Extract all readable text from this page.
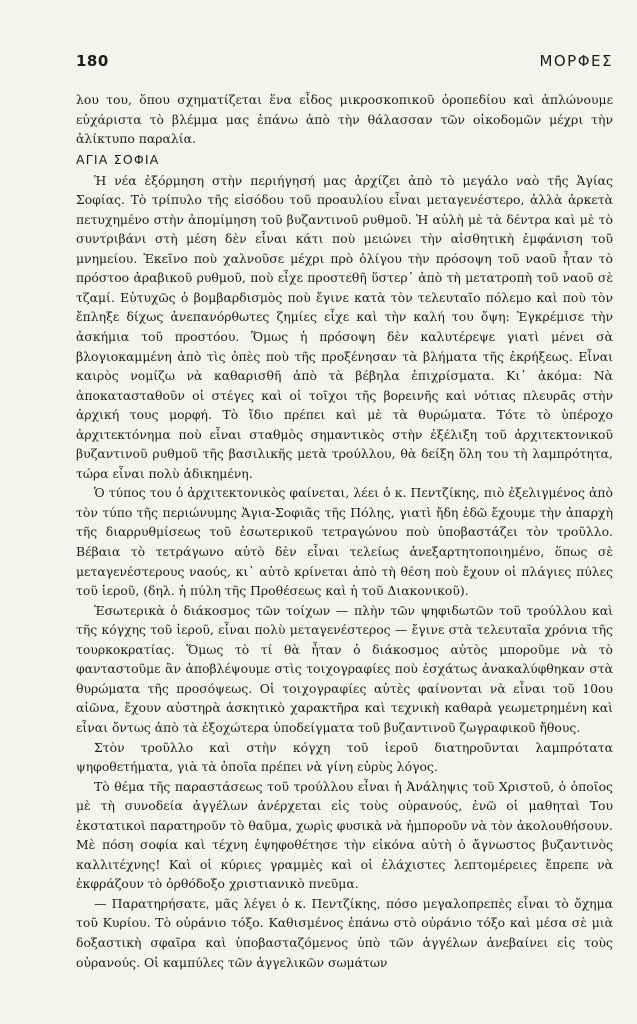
180	ΜΟΡΦΕΣ

λου του, ὅπου σχηματίζεται ἕνα εἶδος μικροσκοπικοῦ ὀροπεδίου καὶ ἁπλώνουμε εὐχάριστα τὸ βλέμμα μας ἐπάνω ἀπὸ τὴν θάλασσαν τῶν οἰκοδομῶν μέχρι τὴν ἀλίκτυπο παραλία.

ΑΓΙΑ ΣΟΦΙΑ

Ἡ νέα ἐξόρμηση στὴν περιήγησή μας ἀρχίζει ἀπὸ τὸ μεγάλο ναὸ τῆς Ἁγίας Σοφίας. Τὸ τρίπυλο τῆς εἰσόδου τοῦ προαυλίου εἶναι μεταγενέστερο, ἀλλὰ ἀρκετὰ πετυχημένο στὴν ἀπομίμηση τοῦ βυζαντινοῦ ρυθμοῦ. Ἡ αὐλὴ μὲ τὰ δέντρα καὶ μὲ τὸ συντριβάνι στὴ μέση δὲν εἶναι κάτι ποὺ μειώνει τὴν αἰσθητικὴ ἐμφάνιση τοῦ μνημείου. Ἐκεῖνο ποὺ χαλνοῦσε μέχρι πρὸ ὀλίγου τὴν πρόσοψη τοῦ ναοῦ ἦταν τὸ πρόστοο ἀραβικοῦ ρυθμοῦ, ποὺ εἶχε προστεθῆ ὕστερ᾽ ἀπὸ τὴ μετατροπὴ τοῦ ναοῦ σὲ τζαμί. Εὐτυχῶς ὁ βομβαρδισμὸς ποὺ ἔγινε κατὰ τὸν τελευταῖο πόλεμο καὶ ποὺ τὸν ἔπληξε δίχως ἀνεπανόρθωτες ζημίες εἶχε καὶ τὴν καλή του ὄψη: Ἐγκρέμισε τὴν ἀσκήμια τοῦ προστόου. Ὅμως ἡ πρόσοψη δὲν καλυτέρεψε γιατὶ μένει σὰ βλογιοκαμμένη ἀπὸ τὶς ὀπὲς ποὺ τῆς προξένησαν τὰ βλήματα τῆς ἐκρήξεως. Εἶναι καιρὸς νομίζω νὰ καθαρισθῆ ἀπὸ τὰ βέβηλα ἐπιχρίσματα. Κι᾽ ἀκόμα: Νὰ ἀποκατασταθοῦν οἱ στέγες καὶ οἱ τοῖχοι τῆς βορεινῆς καὶ νότιας πλευρᾶς στὴν ἀρχική τους μορφή. Τὸ ἴδιο πρέπει καὶ μὲ τὰ θυρώματα. Τότε τὸ ὑπέροχο ἀρχιτεκτόνημα ποὺ εἶναι σταθμὸς σημαντικὸς στὴν ἐξέλιξη τοῦ ἀρχιτεκτονικοῦ βυζαντινοῦ ρυθμοῦ τῆς βασιλικῆς μετὰ τρούλλου, θὰ δείξη ὅλη του τὴ λαμπρότητα, τώρα εἶναι πολὺ ἀδικημένη.

Ὁ τύπος του ὁ ἀρχιτεκτονικὸς φαίνεται, λέει ὁ κ. Πεντζίκης, πιὸ ἐξελιγμένος ἀπὸ τὸν τύπο τῆς περιώνυμης Ἁγια-Σοφιᾶς τῆς Πόλης, γιατὶ ἤδη ἐδῶ ἔχουμε τὴν ἀπαρχὴ τῆς διαρρυθμίσεως τοῦ ἐσωτερικοῦ τετραγώνου ποὺ ὑποβαστάζει τὸν τροῦλλο. Βέβαια τὸ τετράγωνο αὐτὸ δὲν εἶναι τελείως ἀνεξαρτητοποιημένο, ὅπως σὲ μεταγενέστερους ναούς, κι᾽ αὐτὸ κρίνεται ἀπὸ τὴ θέση ποὺ ἔχουν οἱ πλάγιες πύλες τοῦ ἱεροῦ, (δηλ. ἡ πύλη τῆς Προθέσεως καὶ ἡ τοῦ Διακονικοῦ).

Ἐσωτερικὰ ὁ διάκοσμος τῶν τοίχων — πλὴν τῶν ψηφιδωτῶν τοῦ τρούλλου καὶ τῆς κόγχης τοῦ ἱεροῦ, εἶναι πολὺ μεταγενέστερος — ἔγινε στὰ τελευταῖα χρόνια τῆς τουρκοκρατίας. Ὅμως τὸ τί θὰ ἦταν ὁ διάκοσμος αὐτὸς μποροῦμε νὰ τὸ φανταστοῦμε ἂν ἀποβλέψουμε στὶς τοιχογραφίες ποὺ ἐσχάτως ἀνακαλύφθηκαν στὰ θυρώματα τῆς προσόψεως. Οἱ τοιχογραφίες αὐτὲς φαίνονται νὰ εἶναι τοῦ 10ου αἰῶνα, ἔχουν αὐστηρὰ ἀσκητικὸ χαρακτῆρα καὶ τεχνικὴ καθαρὰ γεωμετρημένη καὶ εἶναι ὄντως ἀπὸ τὰ ἐξοχώτερα ὑποδείγματα τοῦ βυζαντινοῦ ζωγραφικοῦ ἤθους.

Στὸν τροῦλλο καὶ στὴν κόγχη τοῦ ἱεροῦ διατηροῦνται λαμπρότατα ψηφοθετήματα, γιὰ τὰ ὁποῖα πρέπει νὰ γίνη εὐρὺς λόγος.

Τὸ θέμα τῆς παραστάσεως τοῦ τρούλλου εἶναι ἡ Ἀνάληψις τοῦ Χριστοῦ, ὁ ὁποῖος μὲ τὴ συνοδεία ἀγγέλων ἀνέρχεται εἰς τοὺς οὐρανούς, ἐνῶ οἱ μαθηταὶ Του ἐκστατικοὶ παρατηροῦν τὸ θαῦμα, χωρὶς φυσικὰ νὰ ἠμποροῦν νὰ τὸν ἀκολουθήσουν. Μὲ πόση σοφία καὶ τέχνη ἐψηφοθέτησε τὴν εἰκόνα αὐτὴ ὁ ἄγνωστος βυζαντινὸς καλλιτέχνης! Καὶ οἱ κύριες γραμμὲς καὶ οἱ ἐλάχιστες λεπτομέρειες ἔπρεπε νὰ ἐκφράζουν τὸ ὀρθόδοξο χριστιανικὸ πνεῦμα.

— Παρατηρήσατε, μᾶς λέγει ὁ κ. Πεντζίκης, πόσο μεγαλοπρεπὲς εἶναι τὸ ὄχημα τοῦ Κυρίου. Τὸ οὐράνιο τόξο. Καθισμένος ἐπάνω στὸ οὐράνιο τόξο καὶ μέσα σὲ μιὰ δοξαστικὴ σφαῖρα καὶ ὑποβασταζόμενος ὑπὸ τῶν ἀγγέλων ἀνεβαίνει εἰς τοὺς οὐρανούς. Οἱ καμπύλες τῶν ἀγγελικῶν σωμάτων
